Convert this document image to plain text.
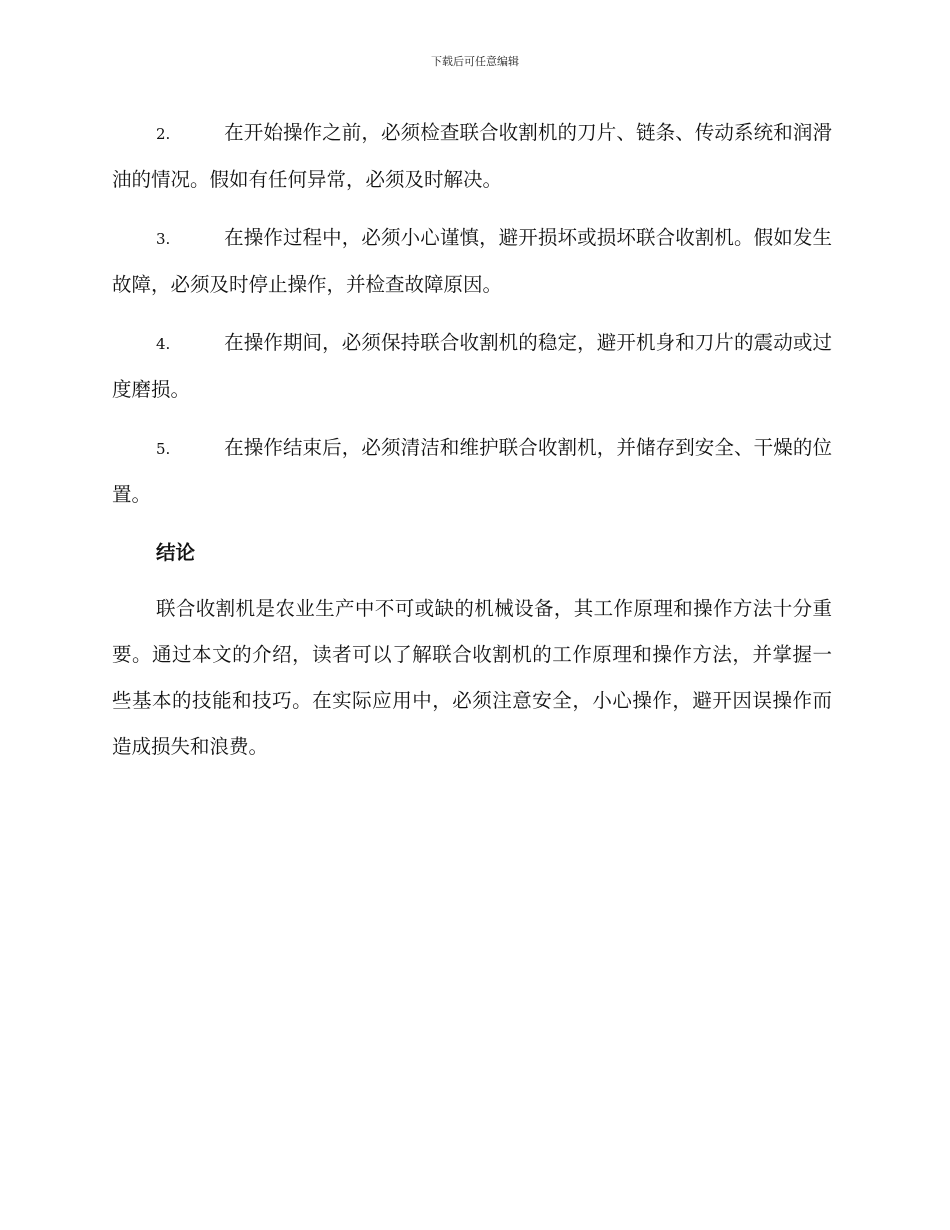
下载后可任意编辑
2.	在开始操作之前，必须检查联合收割机的刀片、链条、传动系统和润滑油的情况。假如有任何异常，必须及时解决。
3.	在操作过程中，必须小心谨慎，避开损坏或损坏联合收割机。假如发生故障，必须及时停止操作，并检查故障原因。
4.	在操作期间，必须保持联合收割机的稳定，避开机身和刀片的震动或过度磨损。
5.	在操作结束后，必须清洁和维护联合收割机，并储存到安全、干燥的位置。
结论

联合收割机是农业生产中不可或缺的机械设备，其工作原理和操作方法十分重要。通过本文的介绍，读者可以了解联合收割机的工作原理和操作方法，并掌握一些基本的技能和技巧。在实际应用中，必须注意安全，小心操作，避开因误操作而造成损失和浪费。
